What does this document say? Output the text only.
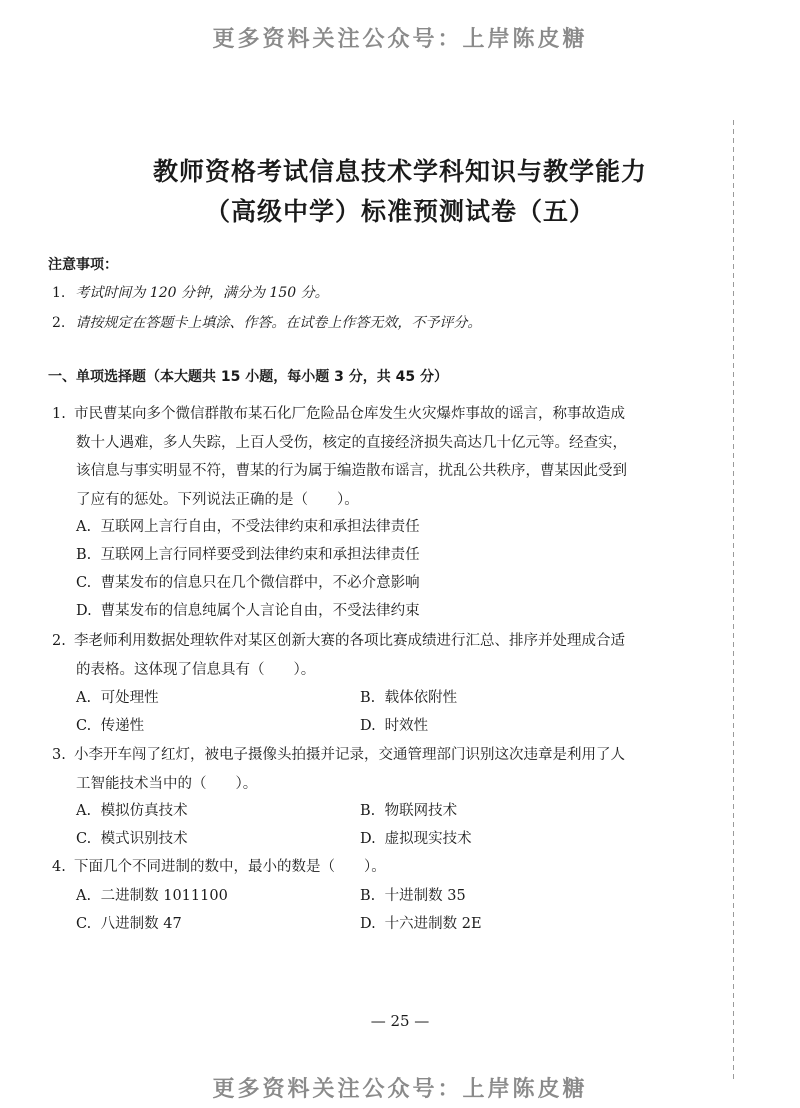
更多资料关注公众号：上岸陈皮糖
教师资格考试信息技术学科知识与教学能力
（高级中学）标准预测试卷（五）
注意事项：
1. 考试时间为 120 分钟，满分为 150 分。
2. 请按规定在答题卡上填涂、作答。在试卷上作答无效，不予评分。
一、单项选择题（本大题共 15 小题，每小题 3 分，共 45 分）
1. 市民曹某向多个微信群散布某石化厂危险品仓库发生火灾爆炸事故的谣言，称事故造成
数十人遇难，多人失踪，上百人受伤，核定的直接经济损失高达几十亿元等。经查实，
该信息与事实明显不符，曹某的行为属于编造散布谣言，扰乱公共秩序，曹某因此受到
了应有的惩处。下列说法正确的是（　　）。
A. 互联网上言行自由，不受法律约束和承担法律责任
B. 互联网上言行同样要受到法律约束和承担法律责任
C. 曹某发布的信息只在几个微信群中，不必介意影响
D. 曹某发布的信息纯属个人言论自由，不受法律约束
2. 李老师利用数据处理软件对某区创新大赛的各项比赛成绩进行汇总、排序并处理成合适
的表格。这体现了信息具有（　　）。
A. 可处理性	B. 载体依附性
C. 传递性	D. 时效性
3. 小李开车闯了红灯，被电子摄像头拍摄并记录，交通管理部门识别这次违章是利用了人
工智能技术当中的（　　）。
A. 模拟仿真技术	B. 物联网技术
C. 模式识别技术	D. 虚拟现实技术
4. 下面几个不同进制的数中，最小的数是（　　）。
A. 二进制数 1011100	B. 十进制数 35
C. 八进制数 47	D. 十六进制数 2E
— 25 —
更多资料关注公众号：上岸陈皮糖
